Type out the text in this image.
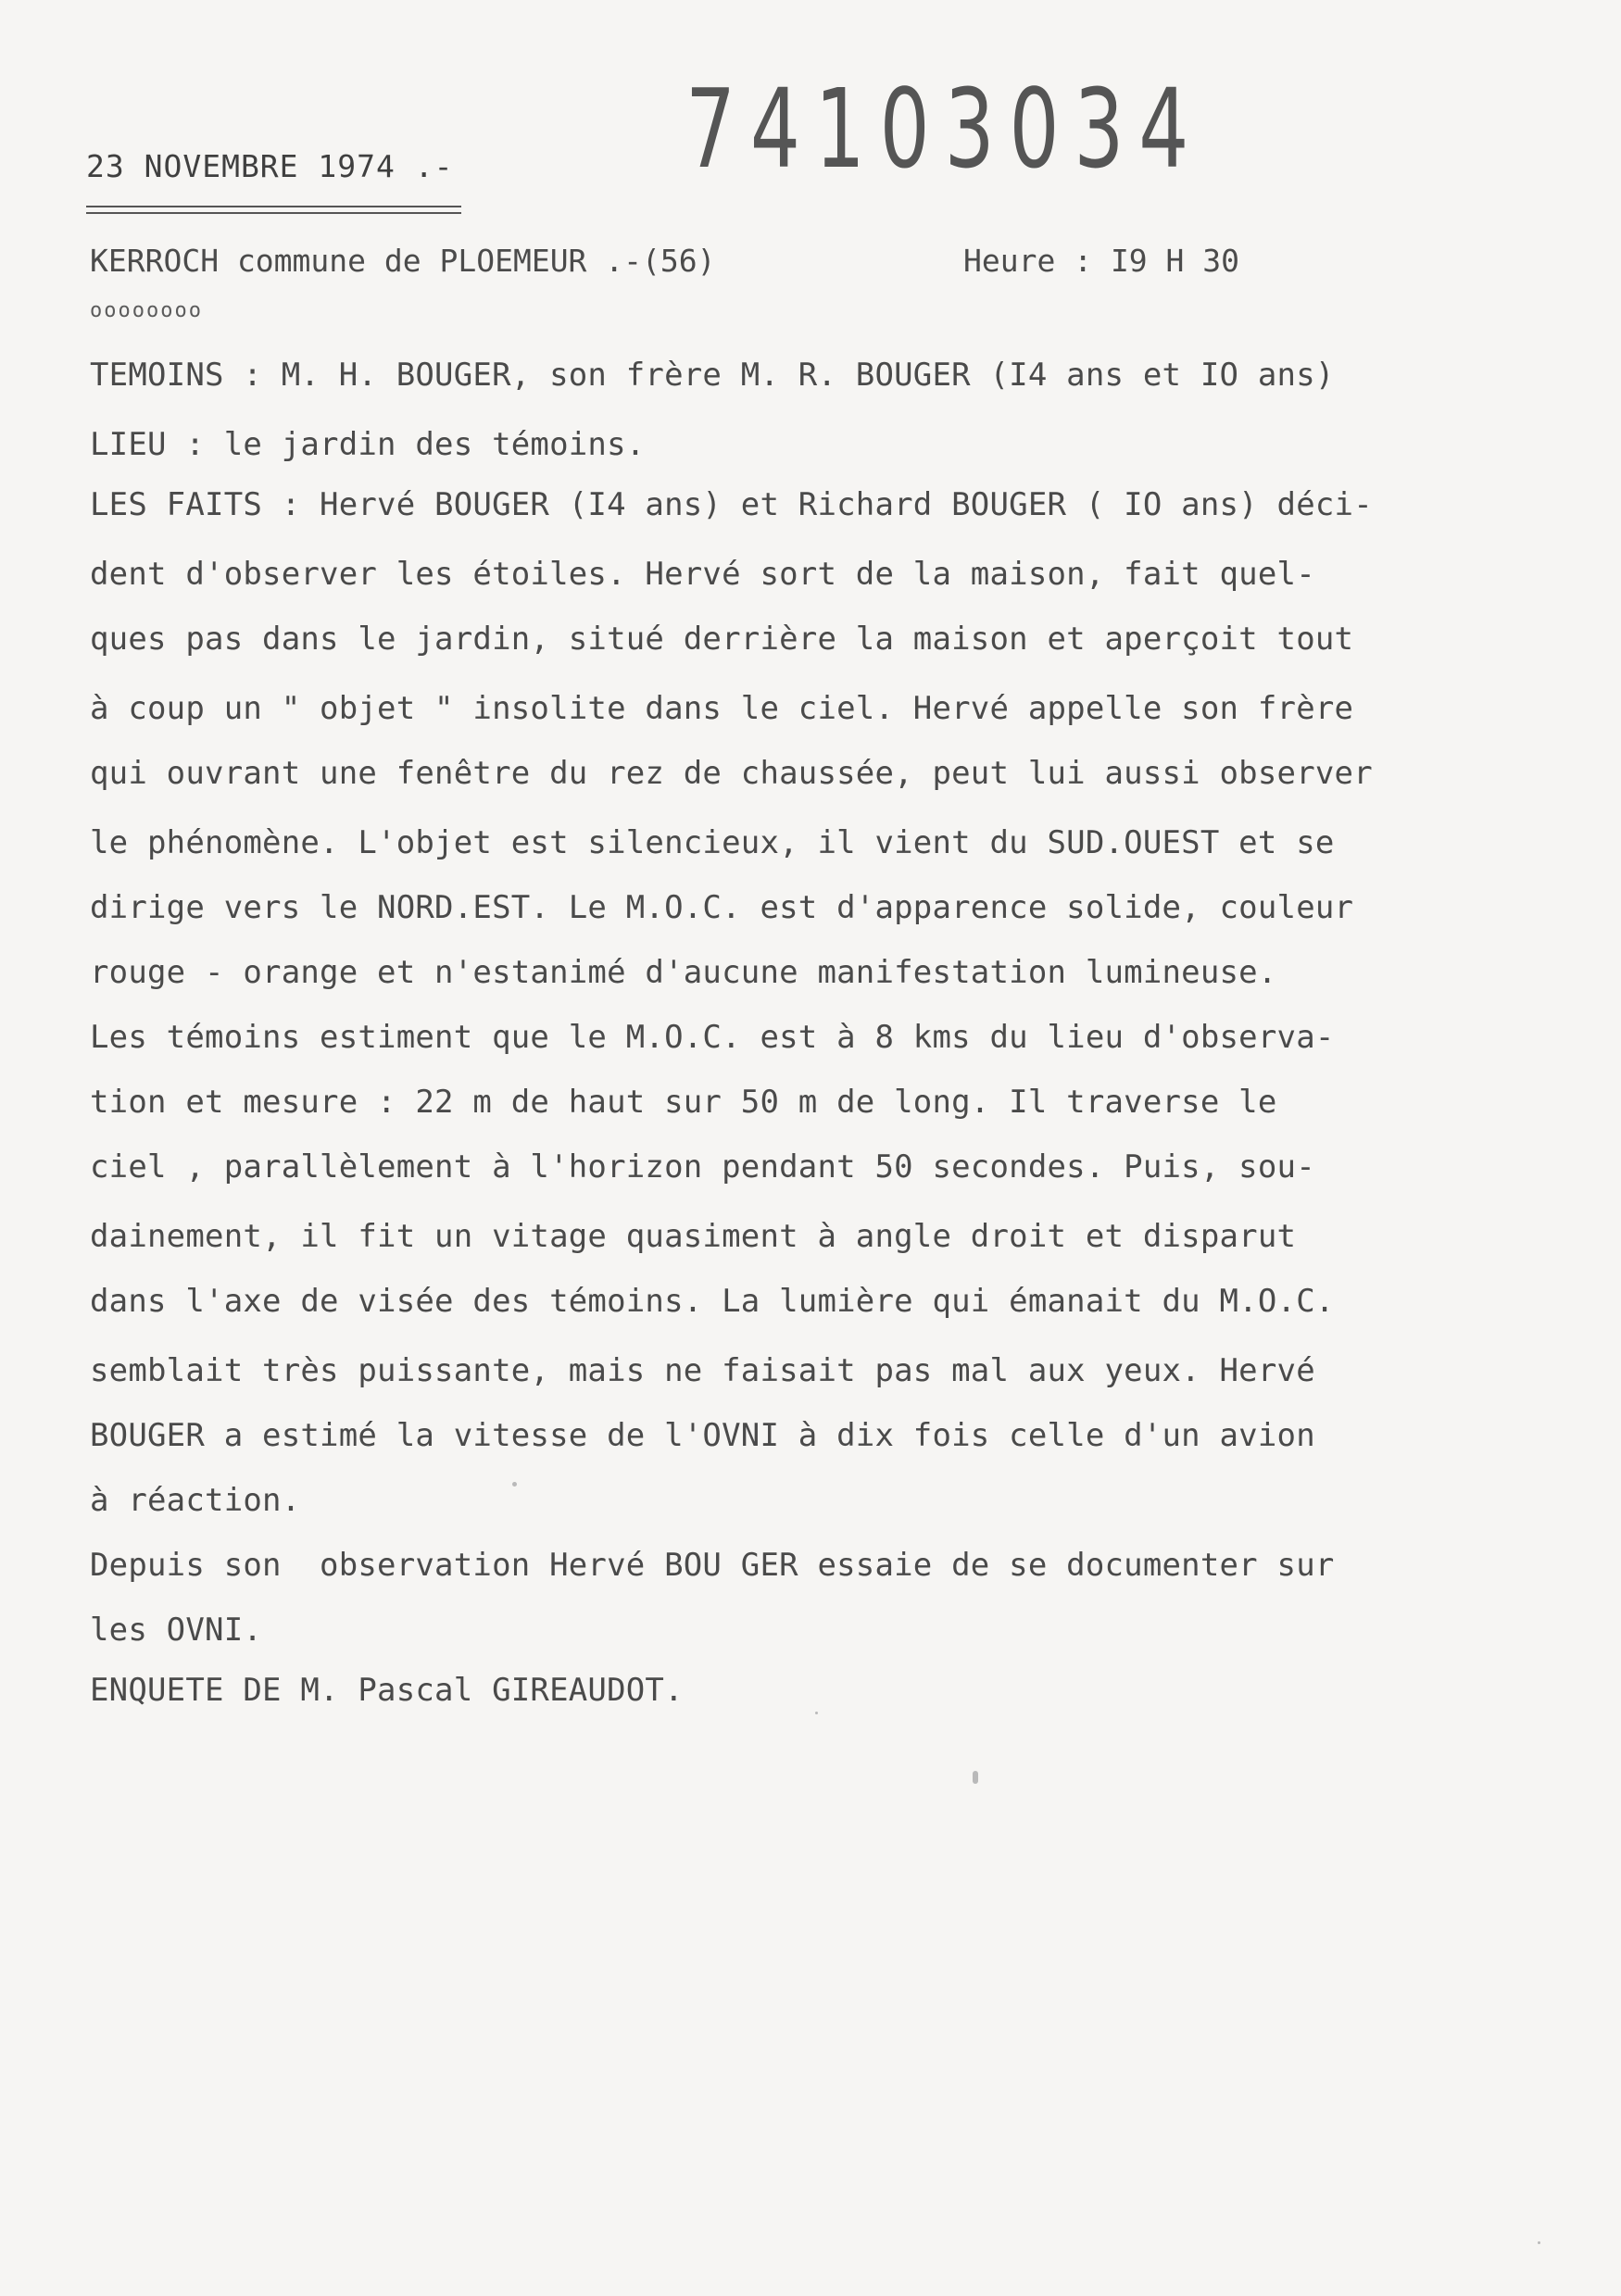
23 NOVEMBRE 1974 .- 74103034
KERROCH commune de PLOEMEUR .-(56)
oooooooo
Heure : I9 H 30
TEMOINS : M. H. BOUGER, son frère M. R. BOUGER (I4 ans et IO ans)
LIEU : le jardin des témoins.
LES FAITS : Hervé BOUGER (I4 ans) et Richard BOUGER ( IO ans) déci-
dent d'observer les étoiles. Hervé sort de la maison, fait quel-
ques pas dans le jardin, situé derrière la maison et aperçoit tout
à coup un " objet " insolite dans le ciel. Hervé appelle son frère
qui ouvrant une fenêtre du rez de chaussée, peut lui aussi observer
le phénomène. L'objet est silencieux, il vient du SUD.OUEST et se
dirige vers le NORD.EST. Le M.O.C. est d'apparence solide, couleur
rouge - orange et n'estanimé d'aucune manifestation lumineuse.
Les témoins estiment que le M.O.C. est à 8 kms du lieu d'observa-
tion et mesure : 22 m de haut sur 50 m de long. Il traverse le
ciel , parallèlement à l'horizon pendant 50 secondes. Puis, sou-
dainement, il fit un vitage quasiment à angle droit et disparut
dans l'axe de visée des témoins. La lumière qui émanait du M.O.C.
semblait très puissante, mais ne faisait pas mal aux yeux. Hervé
BOUGER a estimé la vitesse de l'OVNI à dix fois celle d'un avion
à réaction.
Depuis son  observation Hervé BOU GER essaie de se documenter sur
les OVNI.
ENQUETE DE M. Pascal GIREAUDOT.
